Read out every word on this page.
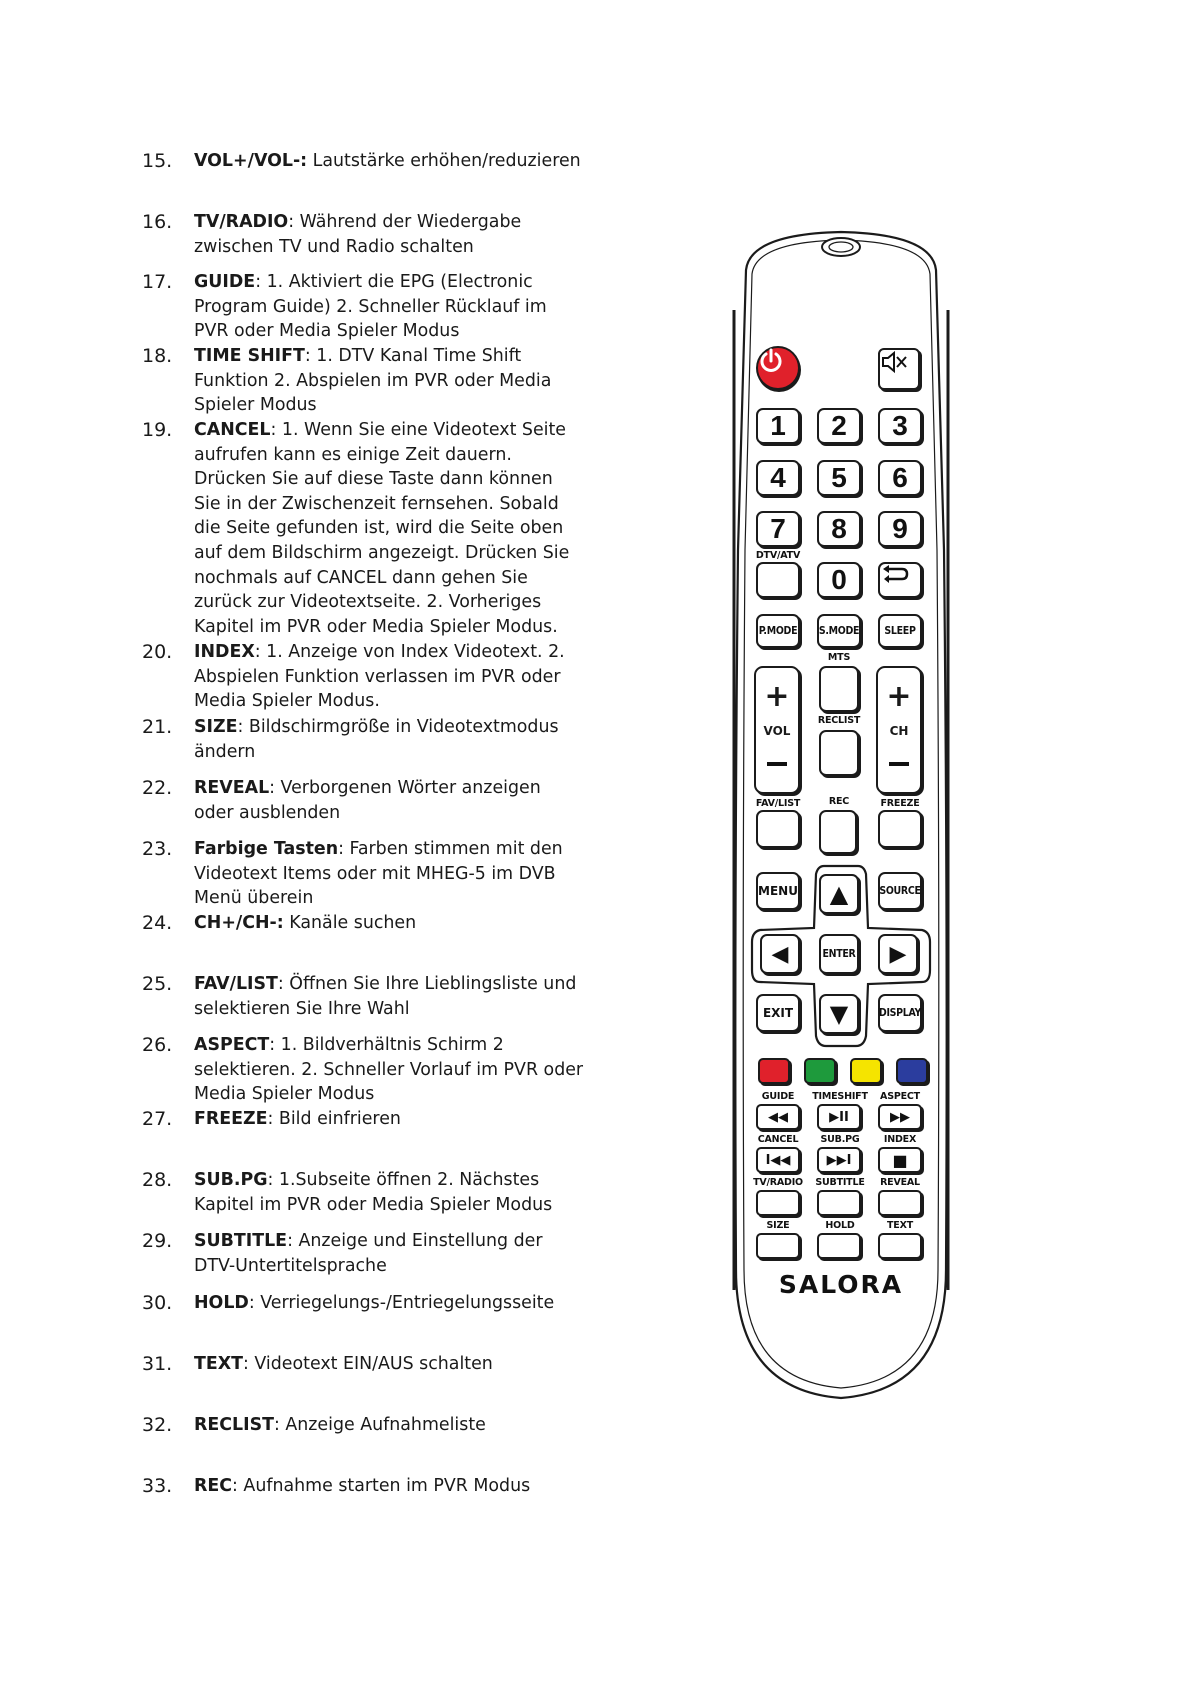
15. VOL+/VOL-: Lautstärke erhöhen/reduzieren
16. TV/RADIO: Während der Wiedergabe zwischen TV und Radio schalten
17. GUIDE: 1. Aktiviert die EPG (Electronic Program Guide) 2. Schneller Rücklauf im PVR oder Media Spieler Modus
18. TIME SHIFT: 1. DTV Kanal Time Shift Funktion 2. Abspielen im PVR oder Media Spieler Modus
19. CANCEL: 1. Wenn Sie eine Videotext Seite aufrufen kann es einige Zeit dauern. Drücken Sie auf diese Taste dann können Sie in der Zwischenzeit fernsehen. Sobald die Seite gefunden ist, wird die Seite oben auf dem Bildschirm angezeigt. Drücken Sie nochmals auf CANCEL dann gehen Sie zurück zur Videotextseite. 2. Vorheriges Kapitel im PVR oder Media Spieler Modus.
20. INDEX: 1. Anzeige von Index Videotext. 2. Abspielen Funktion verlassen im PVR oder Media Spieler Modus.
21. SIZE: Bildschirmgröße in Videotextmodus ändern
22. REVEAL: Verborgenen Wörter anzeigen oder ausblenden
23. Farbige Tasten: Farben stimmen mit den Videotext Items oder mit MHEG-5 im DVB Menü überein
24. CH+/CH-: Kanäle suchen
25. FAV/LIST: Öffnen Sie Ihre Lieblingsliste und selektieren Sie Ihre Wahl
26. ASPECT: 1. Bildverhältnis Schirm 2 selektieren. 2. Schneller Vorlauf im PVR oder Media Spieler Modus
27. FREEZE: Bild einfrieren
28. SUB.PG: 1.Subseite öffnen 2. Nächstes Kapitel im PVR oder Media Spieler Modus
29. SUBTITLE: Anzeige und Einstellung der DTV-Untertitelsprache
30. HOLD: Verriegelungs-/Entriegelungsseite
31. TEXT: Videotext EIN/AUS schalten
32. RECLIST: Anzeige Aufnahmeliste
33. REC: Aufnahme starten im PVR Modus
1	2	3
4	5	6
7	8	9
DTV/ATV
0
P.MODE S.MODE	SLEEP
MTS
+
VOL
RECLIST
+
CH
FAV/LIST	REC	FREEZE
MENU	▲	SOURCE
◀	ENTER	▶
EXIT	▼	DISPLAY
GUIDE	TIMESHIFT	ASPECT
◀◀	▶II	▶▶
CANCEL	SUB.PG	INDEX
I◀◀	▶▶I	■
TV/RADIO	SUBTITLE	REVEAL
SIZE	HOLD	TEXT
SALORA
